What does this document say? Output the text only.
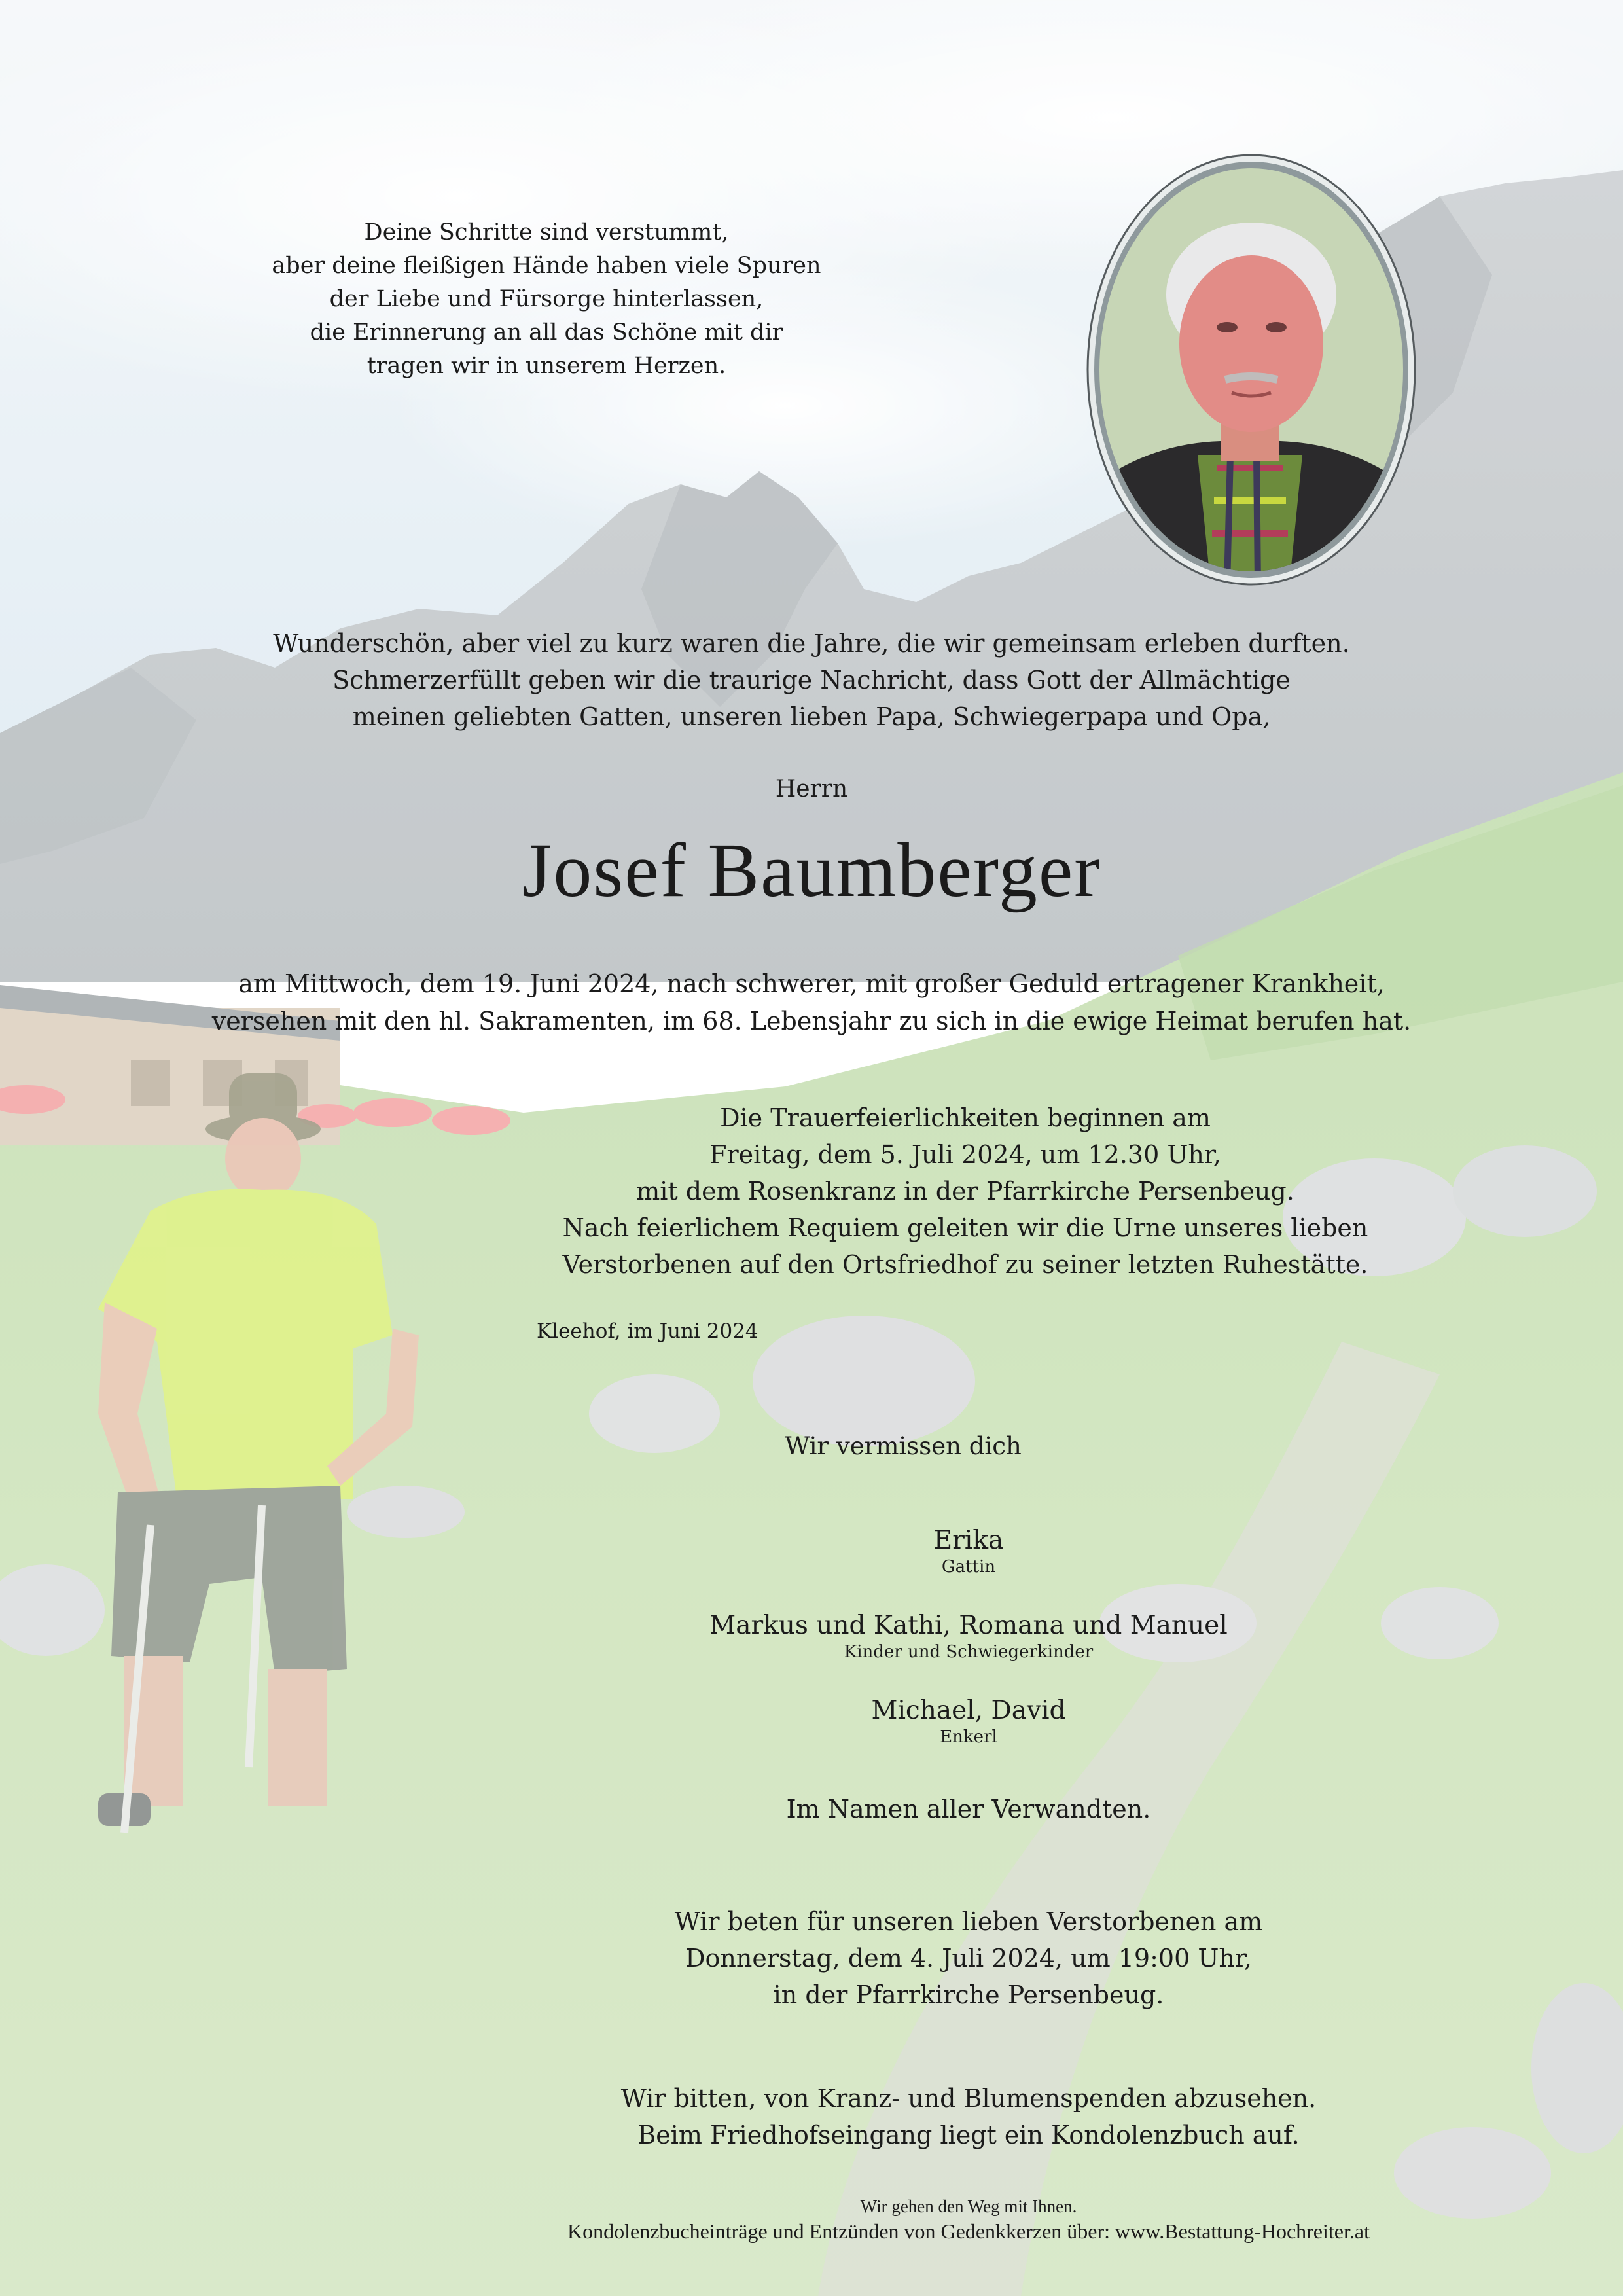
Deine Schritte sind verstummt,
aber deine fleißigen Hände haben viele Spuren
der Liebe und Fürsorge hinterlassen,
die Erinnerung an all das Schöne mit dir
tragen wir in unserem Herzen.
Wunderschön, aber viel zu kurz waren die Jahre, die wir gemeinsam erleben durften.
Schmerzerfüllt geben wir die traurige Nachricht, dass Gott der Allmächtige
meinen geliebten Gatten, unseren lieben Papa, Schwiegerpapa und Opa,
Herrn
Josef Baumberger
am Mittwoch, dem 19. Juni 2024, nach schwerer, mit großer Geduld ertragener Krankheit,
versehen mit den hl. Sakramenten, im 68. Lebensjahr zu sich in die ewige Heimat berufen hat.
Die Trauerfeierlichkeiten beginnen am
Freitag, dem 5. Juli 2024, um 12.30 Uhr,
mit dem Rosenkranz in der Pfarrkirche Persenbeug.
Nach feierlichem Requiem geleiten wir die Urne unseres lieben
Verstorbenen auf den Ortsfriedhof zu seiner letzten Ruhestätte.
Kleehof, im Juni 2024
Wir vermissen dich
Erika
Gattin
Markus und Kathi, Romana und Manuel
Kinder und Schwiegerkinder
Michael, David
Enkerl
Im Namen aller Verwandten.
Wir beten für unseren lieben Verstorbenen am
Donnerstag, dem 4. Juli 2024, um 19:00 Uhr,
in der Pfarrkirche Persenbeug.
Wir bitten, von Kranz- und Blumenspenden abzusehen.
Beim Friedhofseingang liegt ein Kondolenzbuch auf.
Wir gehen den Weg mit Ihnen.
Kondolenzbucheinträge und Entzünden von Gedenkkerzen über: www.Bestattung-Hochreiter.at
